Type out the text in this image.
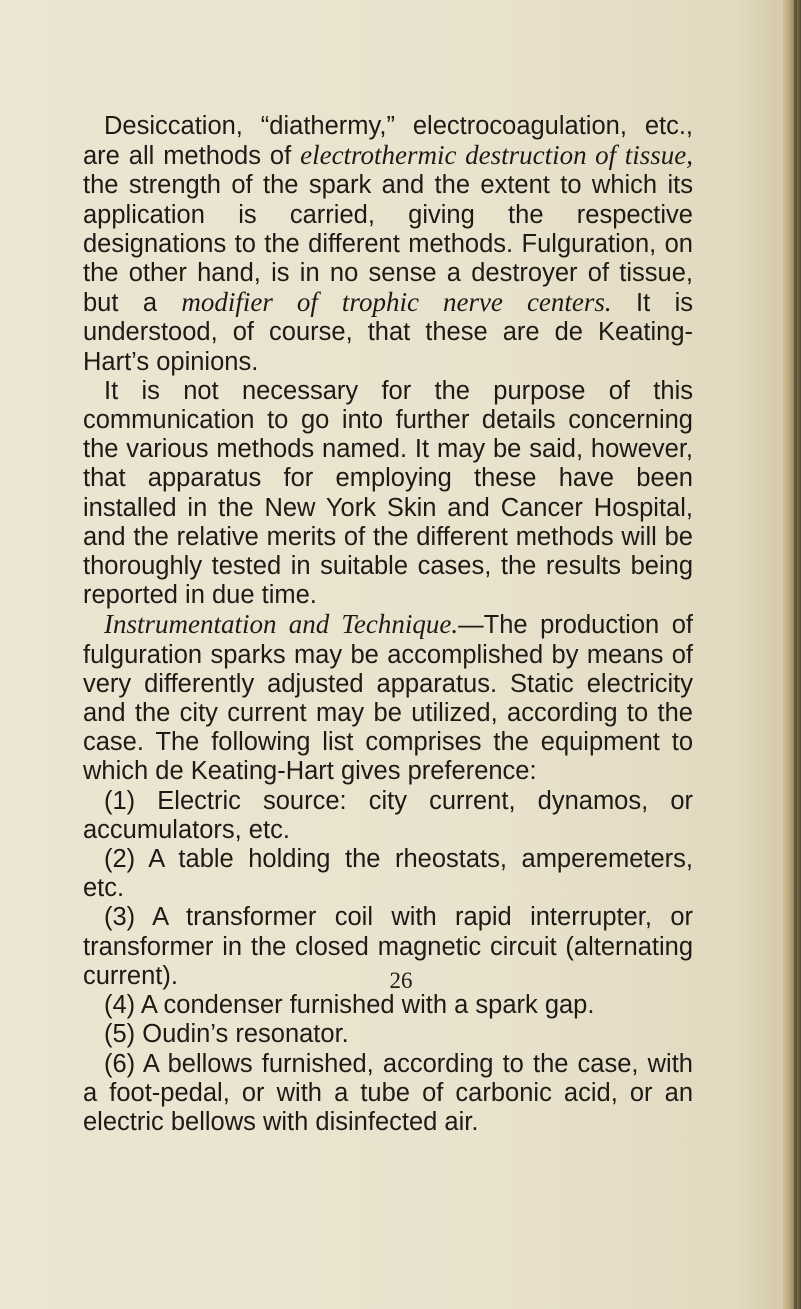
Desiccation, “diathermy,” electrocoagulation, etc., are all methods of electrothermic destruction of tissue, the strength of the spark and the extent to which its application is carried, giving the respective designations to the different methods. Fulguration, on the other hand, is in no sense a destroyer of tissue, but a modifier of trophic nerve centers. It is understood, of course, that these are de Keating-Hart’s opinions.

It is not necessary for the purpose of this communication to go into further details concerning the various methods named. It may be said, however, that apparatus for employing these have been installed in the New York Skin and Cancer Hospital, and the relative merits of the different methods will be thoroughly tested in suitable cases, the results being reported in due time.

Instrumentation and Technique.—The production of fulguration sparks may be accomplished by means of very differently adjusted apparatus. Static electricity and the city current may be utilized, according to the case. The following list comprises the equipment to which de Keating-Hart gives preference:

(1) Electric source: city current, dynamos, or accumulators, etc.

(2) A table holding the rheostats, amperemeters, etc.

(3) A transformer coil with rapid interrupter, or transformer in the closed magnetic circuit (alternating current).

(4) A condenser furnished with a spark gap.

(5) Oudin’s resonator.

(6) A bellows furnished, according to the case, with a foot-pedal, or with a tube of carbonic acid, or an electric bellows with disinfected air.

26
